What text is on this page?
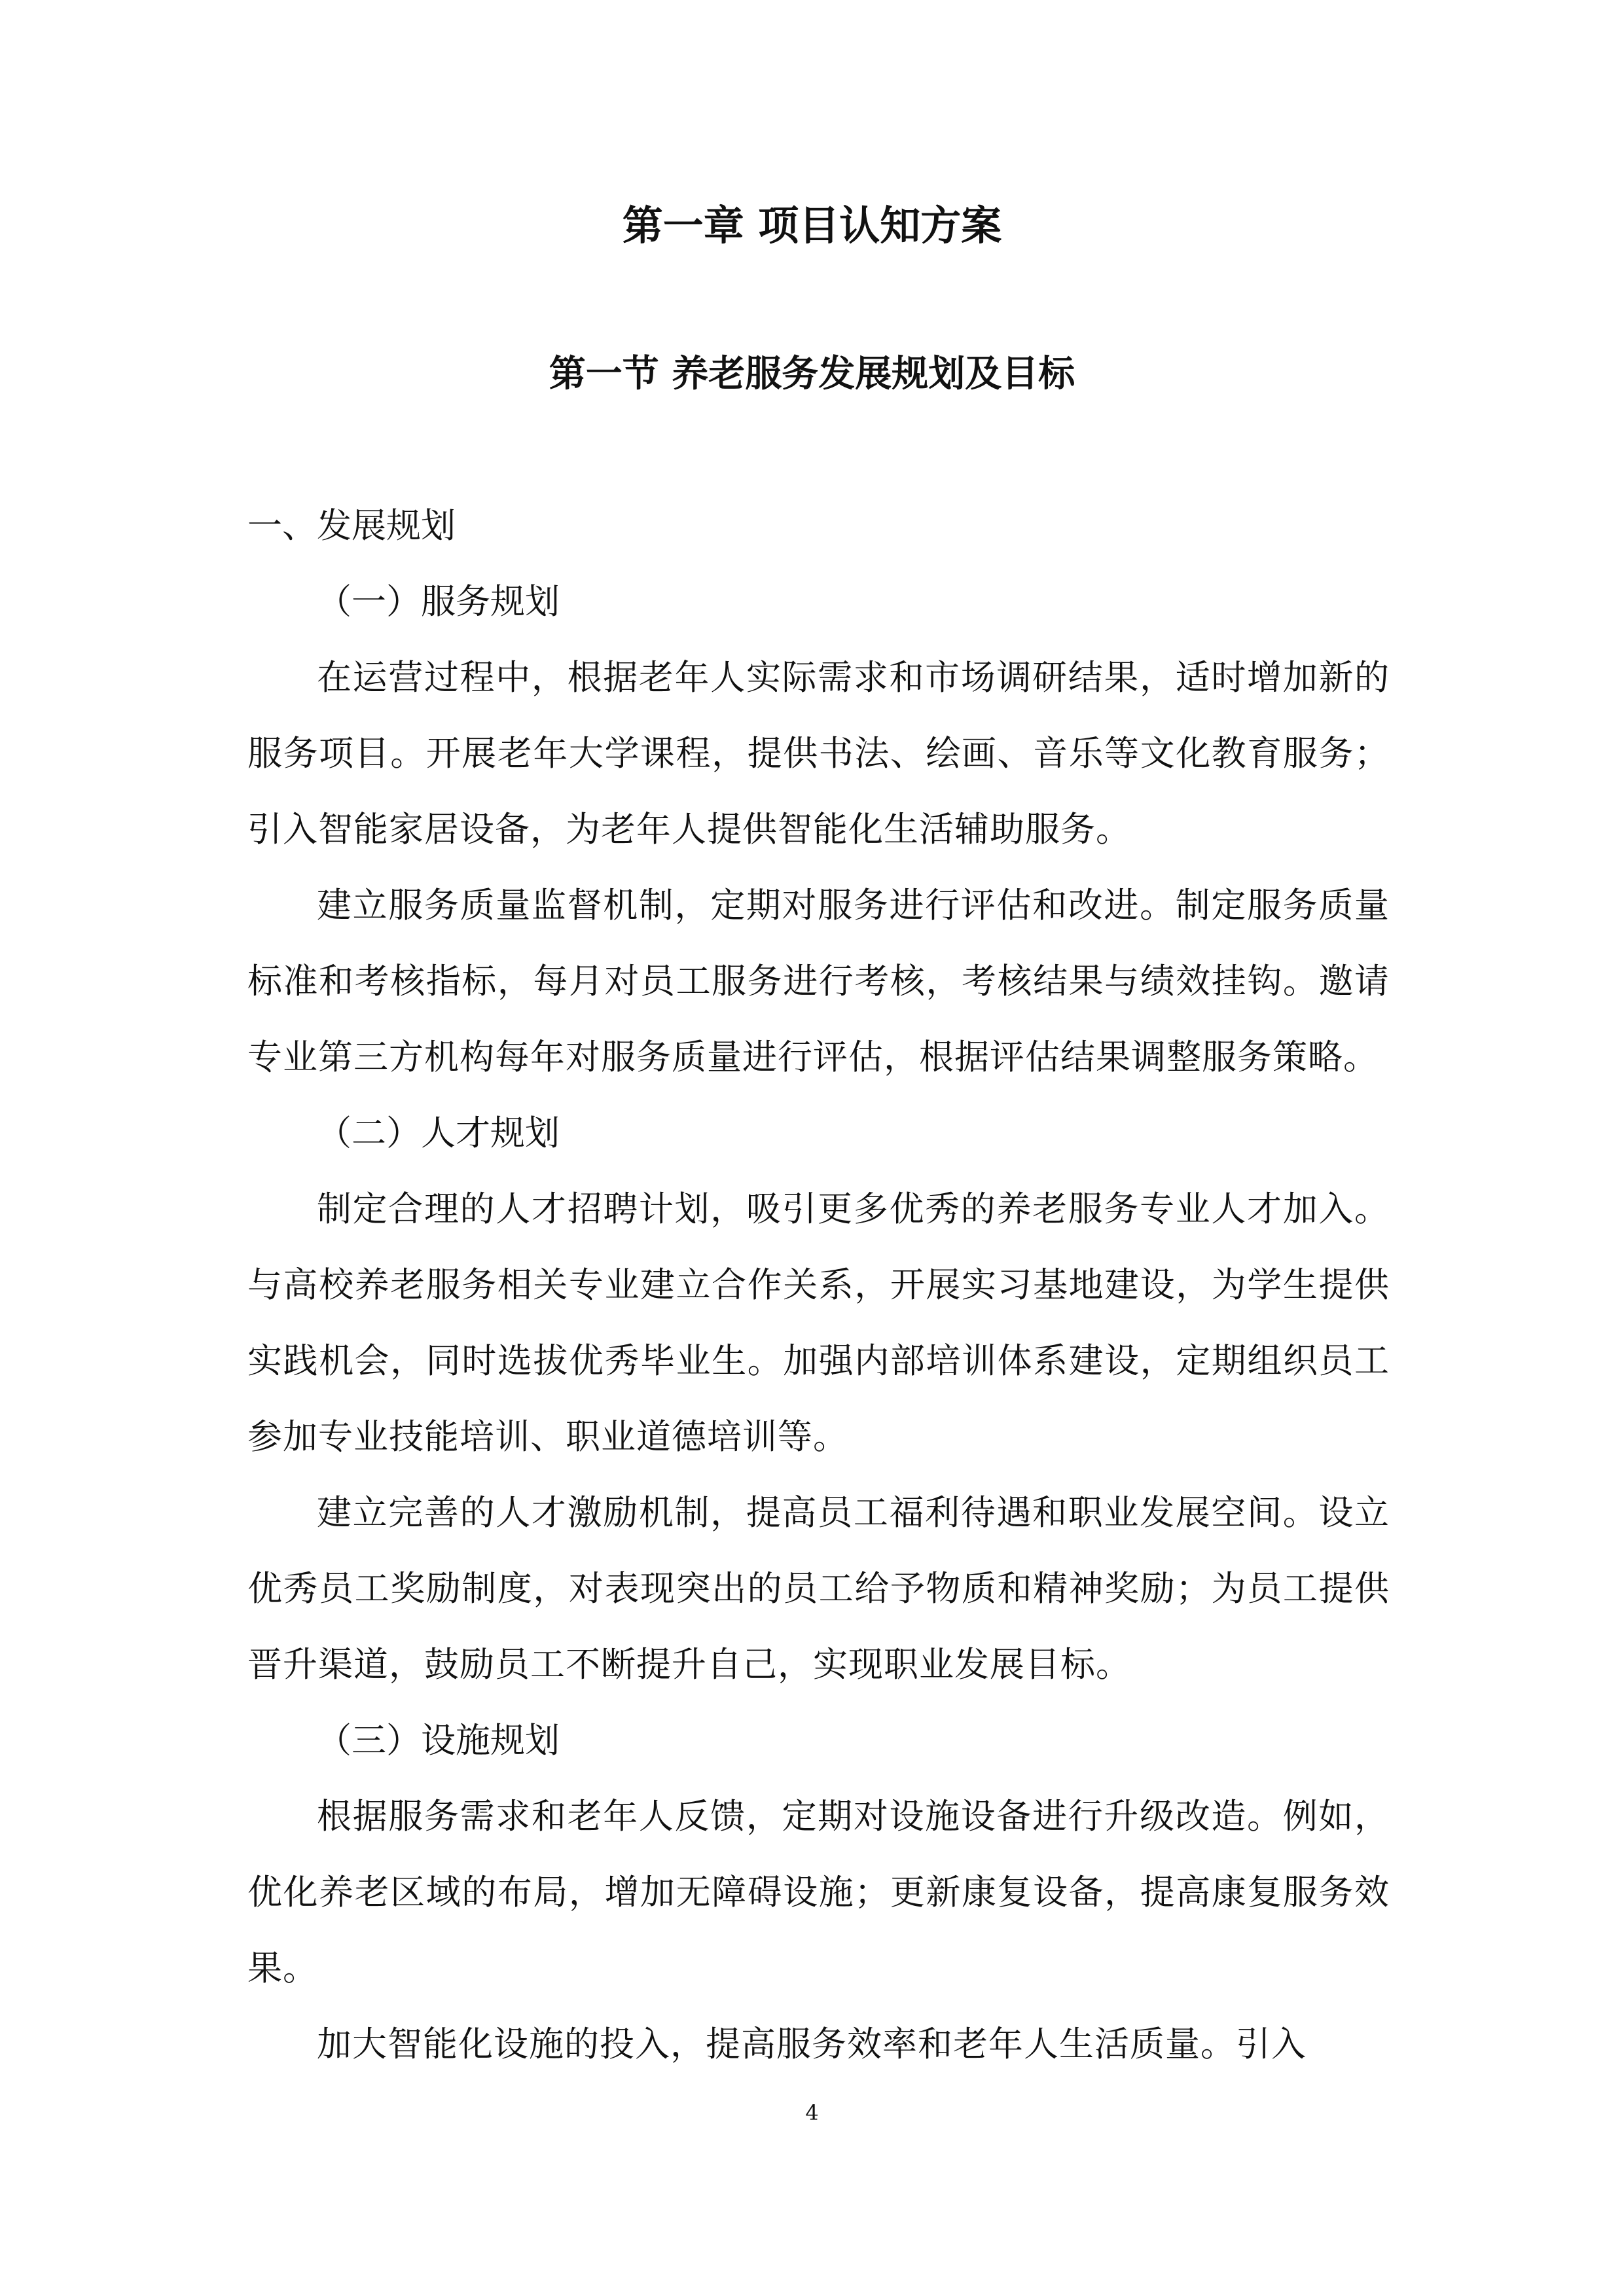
第一章 项目认知方案
第一节 养老服务发展规划及目标

一、发展规划

（一）服务规划

在运营过程中，根据老年人实际需求和市场调研结果，适时增加新的服务项目。开展老年大学课程，提供书法、绘画、音乐等文化教育服务；引入智能家居设备，为老年人提供智能化生活辅助服务。

建立服务质量监督机制，定期对服务进行评估和改进。制定服务质量标准和考核指标，每月对员工服务进行考核，考核结果与绩效挂钩。邀请专业第三方机构每年对服务质量进行评估，根据评估结果调整服务策略。

（二）人才规划

制定合理的人才招聘计划，吸引更多优秀的养老服务专业人才加入。与高校养老服务相关专业建立合作关系，开展实习基地建设，为学生提供实践机会，同时选拔优秀毕业生。加强内部培训体系建设，定期组织员工参加专业技能培训、职业道德培训等。

建立完善的人才激励机制，提高员工福利待遇和职业发展空间。设立优秀员工奖励制度，对表现突出的员工给予物质和精神奖励；为员工提供晋升渠道，鼓励员工不断提升自己，实现职业发展目标。

（三）设施规划

根据服务需求和老年人反馈，定期对设施设备进行升级改造。例如，优化养老区域的布局，增加无障碍设施；更新康复设备，提高康复服务效果。

加大智能化设施的投入，提高服务效率和老年人生活质量。引入

4
